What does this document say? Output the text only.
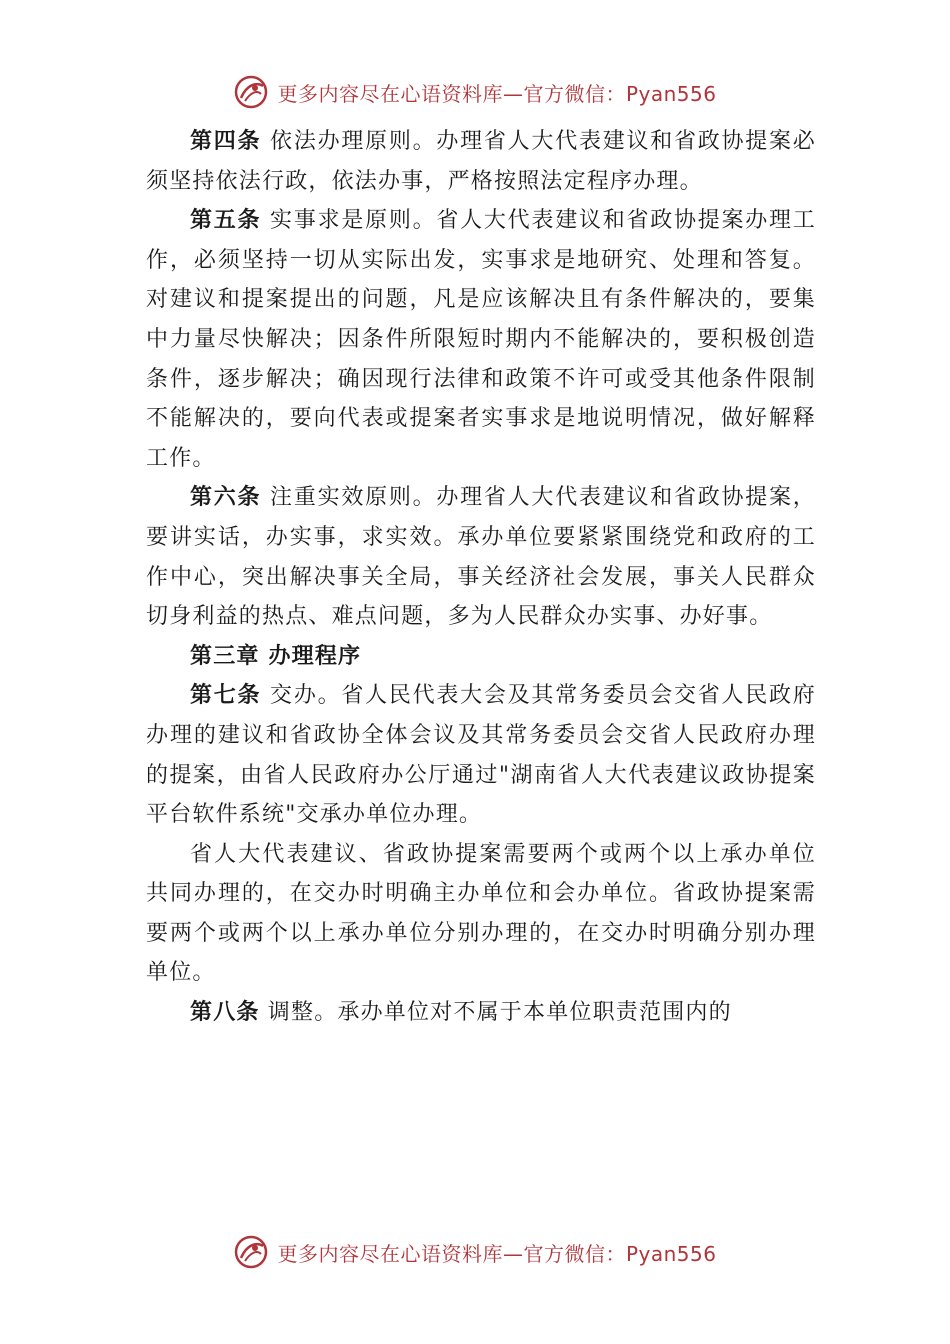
更多内容尽在心语资料库—官方微信：Pyan556

第四条 依法办理原则。办理省人大代表建议和省政协提案必须坚持依法行政，依法办事，严格按照法定程序办理。

第五条 实事求是原则。省人大代表建议和省政协提案办理工作，必须坚持一切从实际出发，实事求是地研究、处理和答复。对建议和提案提出的问题，凡是应该解决且有条件解决的，要集中力量尽快解决；因条件所限短时期内不能解决的，要积极创造条件，逐步解决；确因现行法律和政策不许可或受其他条件限制不能解决的，要向代表或提案者实事求是地说明情况，做好解释工作。

第六条 注重实效原则。办理省人大代表建议和省政协提案，要讲实话，办实事，求实效。承办单位要紧紧围绕党和政府的工作中心，突出解决事关全局，事关经济社会发展，事关人民群众切身利益的热点、难点问题，多为人民群众办实事、办好事。

第三章 办理程序

第七条 交办。省人民代表大会及其常务委员会交省人民政府办理的建议和省政协全体会议及其常务委员会交省人民政府办理的提案，由省人民政府办公厅通过"湖南省人大代表建议政协提案平台软件系统"交承办单位办理。

省人大代表建议、省政协提案需要两个或两个以上承办单位共同办理的，在交办时明确主办单位和会办单位。省政协提案需要两个或两个以上承办单位分别办理的，在交办时明确分别办理单位。

第八条 调整。承办单位对不属于本单位职责范围内的

更多内容尽在心语资料库—官方微信：Pyan556
